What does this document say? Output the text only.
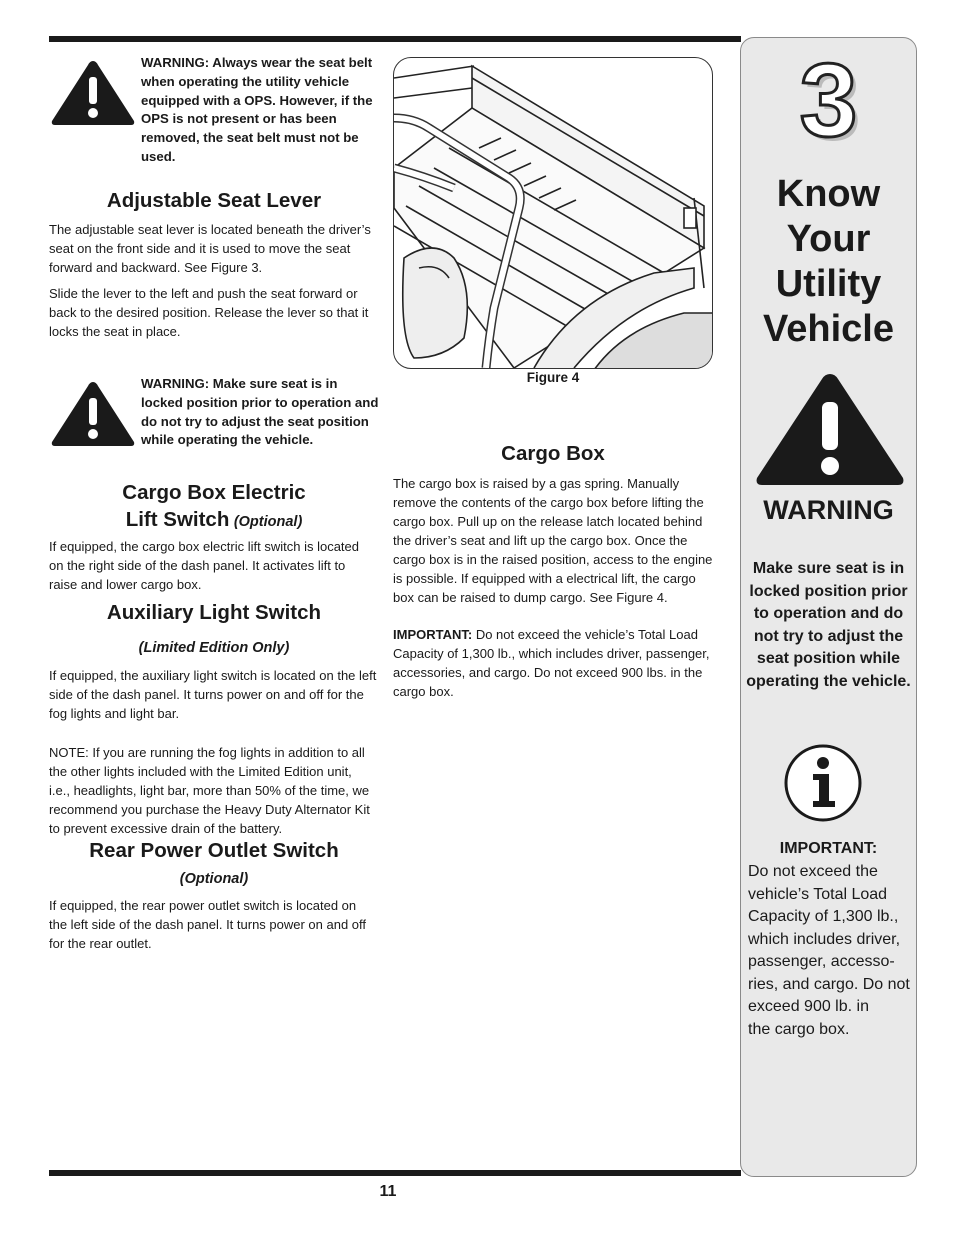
WARNING: Always wear the seat belt when operating the utility vehicle equipped with a OPS. However, if the OPS is not present or has been removed, the seat belt must not be used.
Adjustable Seat Lever

The adjustable seat lever is located beneath the driver’s seat on the front side and it is used to move the seat forward and backward. See Figure 3.

Slide the lever to the left and push the seat forward or back to the desired position. Release the lever so that it locks the seat in place.

WARNING: Make sure seat is in locked position prior to operation and do not try to adjust the seat position while operating the vehicle.
Cargo Box Electric
Lift Switch (Optional)

If equipped, the cargo box electric lift switch is located on the right side of the dash panel. It activates lift to raise and lower cargo box.

Auxiliary Light Switch
(Limited Edition Only)

If equipped, the auxiliary light switch is located on the left side of the dash panel. It turns power on and off for the fog lights and light bar.

NOTE: If you are running the fog lights in addition to all the other lights included with the Limited Edition unit, i.e., headlights, light bar, more than 50% of the time, we recommend you purchase the Heavy Duty Alternator Kit to prevent excessive drain of the battery.

Rear Power Outlet Switch
(Optional)

If equipped, the rear power outlet switch is located on the left side of the dash panel. It turns power on and off for the rear outlet.

Figure 4
Cargo Box

The cargo box is raised by a gas spring. Manually remove the contents of the cargo box before lifting the cargo box. Pull up on the release latch located behind the driver’s seat and lift up the cargo box. Once the cargo box is in the raised position, access to the engine is possible. If equipped with a electrical lift, the cargo box can be raised to dump cargo. See Figure 4.

IMPORTANT: Do not exceed the vehicle’s Total Load Capacity of 1,300 lb., which includes driver, passenger, accessories, and cargo. Do not exceed 900 lbs. in the cargo box.

3
Know
Your
Utility
Vehicle
WARNING
Make sure seat is in locked position prior to operation and do not try to adjust the seat position while operating the vehicle.
IMPORTANT:
Do not exceed the
vehicle’s Total Load
Capacity of 1,300 lb.,
which includes driver,
passenger, accesso-
ries, and cargo. Do not
exceed 900 lb. in
the cargo box.
11
